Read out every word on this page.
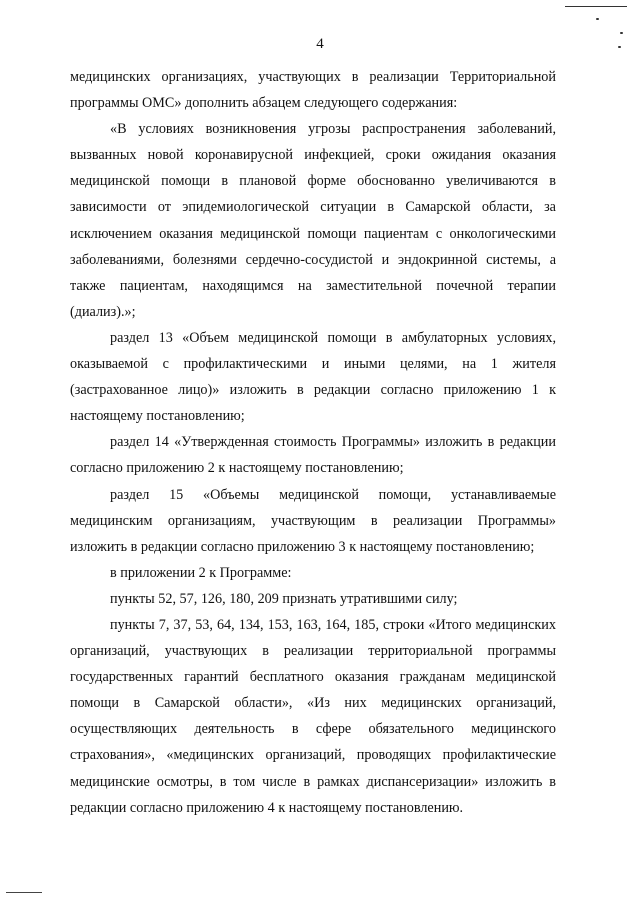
4

медицинских организациях, участвующих в реализации Территориальной программы ОМС» дополнить абзацем следующего содержания:

«В условиях возникновения угрозы распространения заболеваний, вызванных новой коронавирусной инфекцией, сроки ожидания оказания медицинской помощи в плановой форме обоснованно увеличиваются в зависимости от эпидемиологической ситуации в Самарской области, за исключением оказания медицинской помощи пациентам с онкологическими заболеваниями, болезнями сердечно-сосудистой и эндокринной системы, а также пациентам, находящимся на заместительной почечной терапии (диализ).»;

раздел 13 «Объем медицинской помощи в амбулаторных условиях, оказываемой с профилактическими и иными целями, на 1 жителя (застрахованное лицо)» изложить в редакции согласно приложению 1 к настоящему постановлению;

раздел 14 «Утвержденная стоимость Программы» изложить в редакции согласно приложению 2 к настоящему постановлению;

раздел 15 «Объемы медицинской помощи, устанавливаемые медицинским организациям, участвующим в реализации Программы» изложить в редакции согласно приложению 3 к настоящему постановлению;

в приложении 2 к Программе:

пункты 52, 57, 126, 180, 209 признать утратившими силу;

пункты 7, 37, 53, 64, 134, 153, 163, 164, 185, строки «Итого медицинских организаций, участвующих в реализации территориальной программы государственных гарантий бесплатного оказания гражданам медицинской помощи в Самарской области», «Из них медицинских организаций, осуществляющих деятельность в сфере обязательного медицинского страхования», «медицинских организаций, проводящих профилактические медицинские осмотры, в том числе в рамках диспансеризации» изложить в редакции согласно приложению 4 к настоящему постановлению.
